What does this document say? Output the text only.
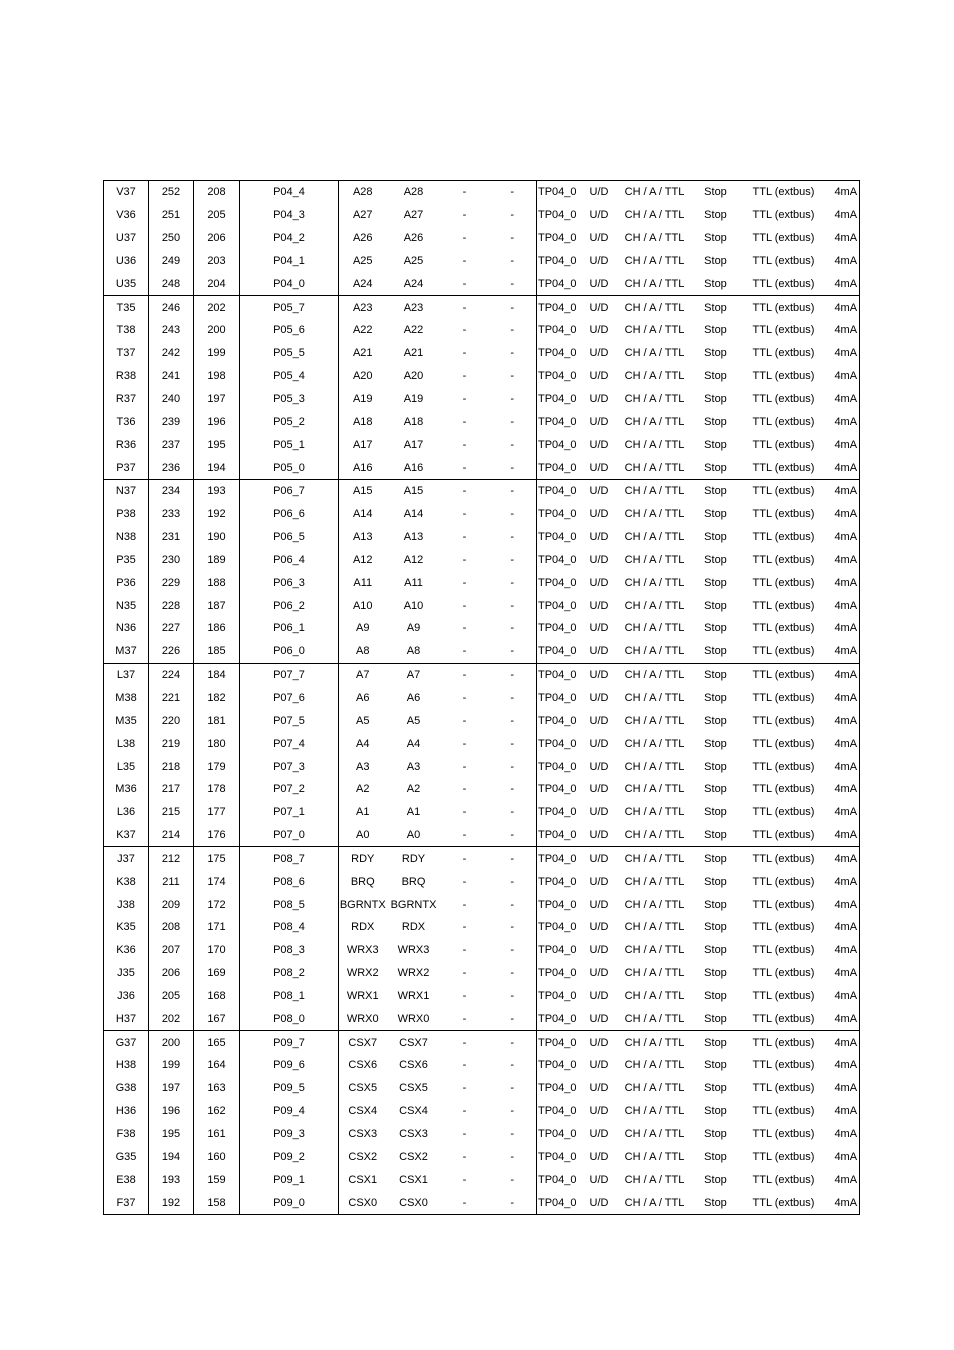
V37	252	208	P04_4	A28	A28	-	-	TP04_0	U/D	CH / A / TTL	Stop	TTL (extbus)	4mA
V36	251	205	P04_3	A27	A27	-	-	TP04_0	U/D	CH / A / TTL	Stop	TTL (extbus)	4mA
U37	250	206	P04_2	A26	A26	-	-	TP04_0	U/D	CH / A / TTL	Stop	TTL (extbus)	4mA
U36	249	203	P04_1	A25	A25	-	-	TP04_0	U/D	CH / A / TTL	Stop	TTL (extbus)	4mA
U35	248	204	P04_0	A24	A24	-	-	TP04_0	U/D	CH / A / TTL	Stop	TTL (extbus)	4mA
T35	246	202	P05_7	A23	A23	-	-	TP04_0	U/D	CH / A / TTL	Stop	TTL (extbus)	4mA
T38	243	200	P05_6	A22	A22	-	-	TP04_0	U/D	CH / A / TTL	Stop	TTL (extbus)	4mA
T37	242	199	P05_5	A21	A21	-	-	TP04_0	U/D	CH / A / TTL	Stop	TTL (extbus)	4mA
R38	241	198	P05_4	A20	A20	-	-	TP04_0	U/D	CH / A / TTL	Stop	TTL (extbus)	4mA
R37	240	197	P05_3	A19	A19	-	-	TP04_0	U/D	CH / A / TTL	Stop	TTL (extbus)	4mA
T36	239	196	P05_2	A18	A18	-	-	TP04_0	U/D	CH / A / TTL	Stop	TTL (extbus)	4mA
R36	237	195	P05_1	A17	A17	-	-	TP04_0	U/D	CH / A / TTL	Stop	TTL (extbus)	4mA
P37	236	194	P05_0	A16	A16	-	-	TP04_0	U/D	CH / A / TTL	Stop	TTL (extbus)	4mA
N37	234	193	P06_7	A15	A15	-	-	TP04_0	U/D	CH / A / TTL	Stop	TTL (extbus)	4mA
P38	233	192	P06_6	A14	A14	-	-	TP04_0	U/D	CH / A / TTL	Stop	TTL (extbus)	4mA
N38	231	190	P06_5	A13	A13	-	-	TP04_0	U/D	CH / A / TTL	Stop	TTL (extbus)	4mA
P35	230	189	P06_4	A12	A12	-	-	TP04_0	U/D	CH / A / TTL	Stop	TTL (extbus)	4mA
P36	229	188	P06_3	A11	A11	-	-	TP04_0	U/D	CH / A / TTL	Stop	TTL (extbus)	4mA
N35	228	187	P06_2	A10	A10	-	-	TP04_0	U/D	CH / A / TTL	Stop	TTL (extbus)	4mA
N36	227	186	P06_1	A9	A9	-	-	TP04_0	U/D	CH / A / TTL	Stop	TTL (extbus)	4mA
M37	226	185	P06_0	A8	A8	-	-	TP04_0	U/D	CH / A / TTL	Stop	TTL (extbus)	4mA
L37	224	184	P07_7	A7	A7	-	-	TP04_0	U/D	CH / A / TTL	Stop	TTL (extbus)	4mA
M38	221	182	P07_6	A6	A6	-	-	TP04_0	U/D	CH / A / TTL	Stop	TTL (extbus)	4mA
M35	220	181	P07_5	A5	A5	-	-	TP04_0	U/D	CH / A / TTL	Stop	TTL (extbus)	4mA
L38	219	180	P07_4	A4	A4	-	-	TP04_0	U/D	CH / A / TTL	Stop	TTL (extbus)	4mA
L35	218	179	P07_3	A3	A3	-	-	TP04_0	U/D	CH / A / TTL	Stop	TTL (extbus)	4mA
M36	217	178	P07_2	A2	A2	-	-	TP04_0	U/D	CH / A / TTL	Stop	TTL (extbus)	4mA
L36	215	177	P07_1	A1	A1	-	-	TP04_0	U/D	CH / A / TTL	Stop	TTL (extbus)	4mA
K37	214	176	P07_0	A0	A0	-	-	TP04_0	U/D	CH / A / TTL	Stop	TTL (extbus)	4mA
J37	212	175	P08_7	RDY	RDY	-	-	TP04_0	U/D	CH / A / TTL	Stop	TTL (extbus)	4mA
K38	211	174	P08_6	BRQ	BRQ	-	-	TP04_0	U/D	CH / A / TTL	Stop	TTL (extbus)	4mA
J38	209	172	P08_5	BGRNTX	BGRNTX	-	-	TP04_0	U/D	CH / A / TTL	Stop	TTL (extbus)	4mA
K35	208	171	P08_4	RDX	RDX	-	-	TP04_0	U/D	CH / A / TTL	Stop	TTL (extbus)	4mA
K36	207	170	P08_3	WRX3	WRX3	-	-	TP04_0	U/D	CH / A / TTL	Stop	TTL (extbus)	4mA
J35	206	169	P08_2	WRX2	WRX2	-	-	TP04_0	U/D	CH / A / TTL	Stop	TTL (extbus)	4mA
J36	205	168	P08_1	WRX1	WRX1	-	-	TP04_0	U/D	CH / A / TTL	Stop	TTL (extbus)	4mA
H37	202	167	P08_0	WRX0	WRX0	-	-	TP04_0	U/D	CH / A / TTL	Stop	TTL (extbus)	4mA
G37	200	165	P09_7	CSX7	CSX7	-	-	TP04_0	U/D	CH / A / TTL	Stop	TTL (extbus)	4mA
H38	199	164	P09_6	CSX6	CSX6	-	-	TP04_0	U/D	CH / A / TTL	Stop	TTL (extbus)	4mA
G38	197	163	P09_5	CSX5	CSX5	-	-	TP04_0	U/D	CH / A / TTL	Stop	TTL (extbus)	4mA
H36	196	162	P09_4	CSX4	CSX4	-	-	TP04_0	U/D	CH / A / TTL	Stop	TTL (extbus)	4mA
F38	195	161	P09_3	CSX3	CSX3	-	-	TP04_0	U/D	CH / A / TTL	Stop	TTL (extbus)	4mA
G35	194	160	P09_2	CSX2	CSX2	-	-	TP04_0	U/D	CH / A / TTL	Stop	TTL (extbus)	4mA
E38	193	159	P09_1	CSX1	CSX1	-	-	TP04_0	U/D	CH / A / TTL	Stop	TTL (extbus)	4mA
F37	192	158	P09_0	CSX0	CSX0	-	-	TP04_0	U/D	CH / A / TTL	Stop	TTL (extbus)	4mA
